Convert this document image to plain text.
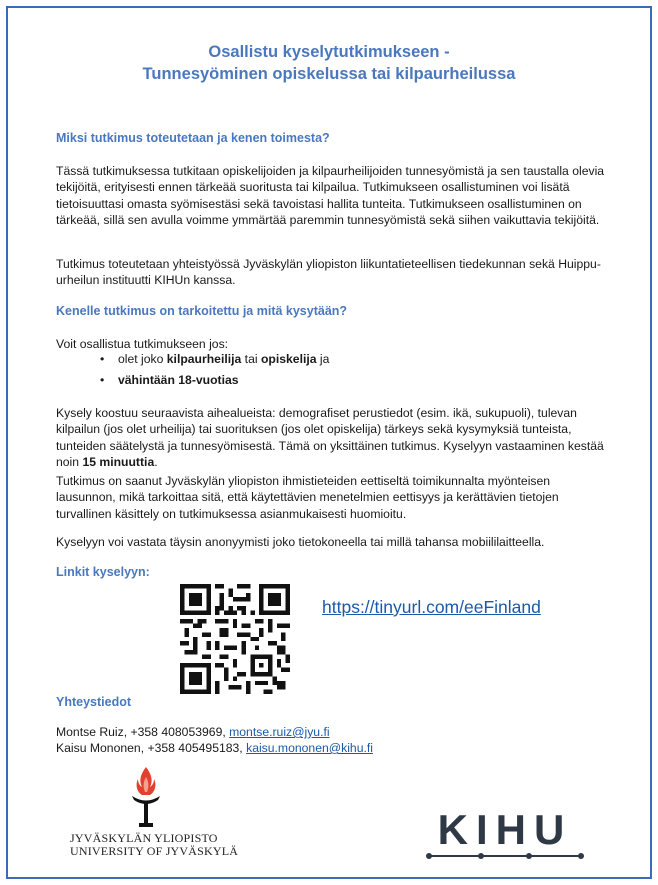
Osallistu kyselytutkimukseen -
Tunnesyöminen opiskelussa tai kilpaurheilussa
Miksi tutkimus toteutetaan ja kenen toimesta?
Tässä tutkimuksessa tutkitaan opiskelijoiden ja kilpaurheilijoiden tunnesyömistä ja sen taustalla olevia tekijöitä, erityisesti ennen tärkeää suoritusta tai kilpailua. Tutkimukseen osallistuminen voi lisätä tietoisuuttasi omasta syömisestäsi sekä tavoistasi hallita tunteita. Tutkimukseen osallistuminen on tärkeää, sillä sen avulla voimme ymmärtää paremmin tunnesyömistä sekä siihen vaikuttavia tekijöitä.
Tutkimus toteutetaan yhteistyössä Jyväskylän yliopiston liikuntatieteellisen tiedekunnan sekä Huippu-urheilun instituutti KIHUn kanssa.
Kenelle tutkimus on tarkoitettu ja mitä kysytään?
Voit osallistua tutkimukseen jos:
• olet joko kilpaurheilija tai opiskelija ja
• vähintään 18-vuotias
Kysely koostuu seuraavista aihealueista: demografiset perustiedot (esim. ikä, sukupuoli), tulevan kilpailun (jos olet urheilija) tai suorituksen (jos olet opiskelija) tärkeys sekä kysymyksiä tunteista, tunteiden säätelystä ja tunnesyömisestä. Tämä on yksittäinen tutkimus. Kyselyyn vastaaminen kestää noin 15 minuuttia.
Tutkimus on saanut Jyväskylän yliopiston ihmistieteiden eettiseltä toimikunnalta myönteisen lausunnon, mikä tarkoittaa sitä, että käytettävien menetelmien eettisyys ja kerättävien tietojen turvallinen käsittely on tutkimuksessa asianmukaisesti huomioitu.
Kyselyyn voi vastata täysin anonyymisti joko tietokoneella tai millä tahansa mobiililaitteella.
Linkit kyselyyn:
https://tinyurl.com/eeFinland
Yhteystiedot
Montse Ruiz, +358 408053969, montse.ruiz@jyu.fi
Kaisu Mononen, +358 405495183, kaisu.mononen@kihu.fi
JYVÄSKYLÄN YLIOPISTO
UNIVERSITY OF JYVÄSKYLÄ	KIHU
